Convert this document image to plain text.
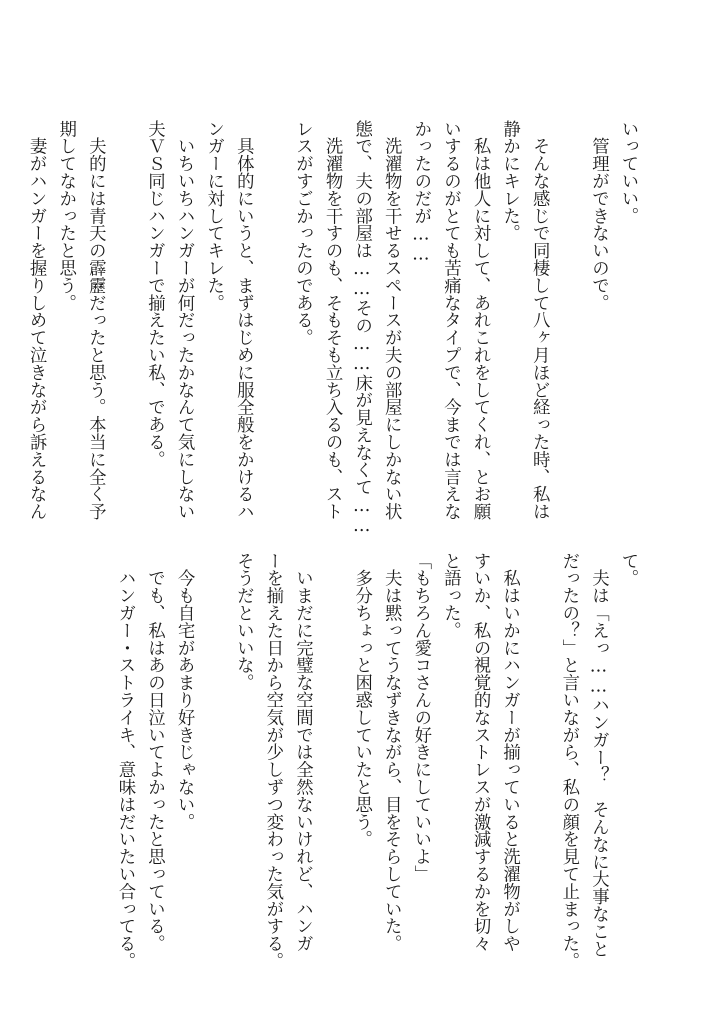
いっていい。
　管理ができないので。

　そんな感じで同棲して八ヶ月ほど経った時、私は
静かにキレた。
　私は他人に対して、あれこれをしてくれ、とお願
いするのがとても苦痛なタイプで、今までは言えな
かったのだが……
　洗濯物を干せるスペースが夫の部屋にしかない状
態で、夫の部屋は……その……床が見えなくて……
　洗濯物を干すのも、そもそも立ち入るのも、スト
レスがすごかったのである。

　具体的にいうと、まずはじめに服全般をかけるハ
ンガーに対してキレた。
　いちいちハンガーが何だったかなんて気にしない
夫ＶＳ同じハンガーで揃えたい私、である。

　夫的には青天の霹靂だったと思う。本当に全く予
期してなかったと思う。
　妻がハンガーを握りしめて泣きながら訴えるなん
て。
　夫は「えっ……ハンガー？　そんなに大事なこと
だったの？」と言いながら、私の顔を見て止まった。

　私はいかにハンガーが揃っていると洗濯物がしや
すいか、私の視覚的なストレスが激減するかを切々
と語った。
「もちろん愛コさんの好きにしていいよ」
　夫は黙ってうなずきながら、目をそらしていた。
　多分ちょっと困惑していたと思う。

　いまだに完璧な空間では全然ないけれど、ハンガ
ーを揃えた日から空気が少しずつ変わった気がする。
そうだといいな。

　今も自宅があまり好きじゃない。
　でも、私はあの日泣いてよかったと思っている。
　ハンガー・ストライキ、意味はだいたい合ってる。
